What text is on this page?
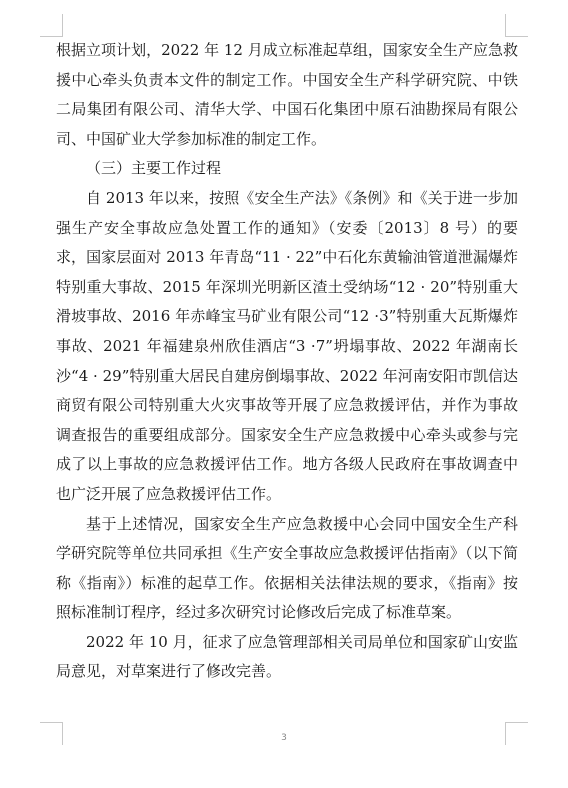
根据立项计划，2022 年 12 月成立标准起草组，国家安全生产应急救援中心牵头负责本文件的制定工作。中国安全生产科学研究院、中铁二局集团有限公司、清华大学、中国石化集团中原石油勘探局有限公司、中国矿业大学参加标准的制定工作。

（三）主要工作过程

自 2013 年以来，按照《安全生产法》《条例》和《关于进一步加强生产安全事故应急处置工作的通知》（安委〔2013〕8 号）的要求，国家层面对 2013 年青岛“11 · 22”中石化东黄输油管道泄漏爆炸特别重大事故、2015 年深圳光明新区渣土受纳场“12 · 20”特别重大滑坡事故、2016 年赤峰宝马矿业有限公司“12 ·3”特别重大瓦斯爆炸事故、2021 年福建泉州欣佳酒店“3 ·7”坍塌事故、2022 年湖南长沙“4 · 29”特别重大居民自建房倒塌事故、2022 年河南安阳市凯信达商贸有限公司特别重大火灾事故等开展了应急救援评估，并作为事故调查报告的重要组成部分。国家安全生产应急救援中心牵头或参与完成了以上事故的应急救援评估工作。地方各级人民政府在事故调查中也广泛开展了应急救援评估工作。

基于上述情况，国家安全生产应急救援中心会同中国安全生产科学研究院等单位共同承担《生产安全事故应急救援评估指南》（以下简称《指南》）标准的起草工作。依据相关法律法规的要求，《指南》按照标准制订程序，经过多次研究讨论修改后完成了标准草案。

2022 年 10 月，征求了应急管理部相关司局单位和国家矿山安监局意见，对草案进行了修改完善。

3
